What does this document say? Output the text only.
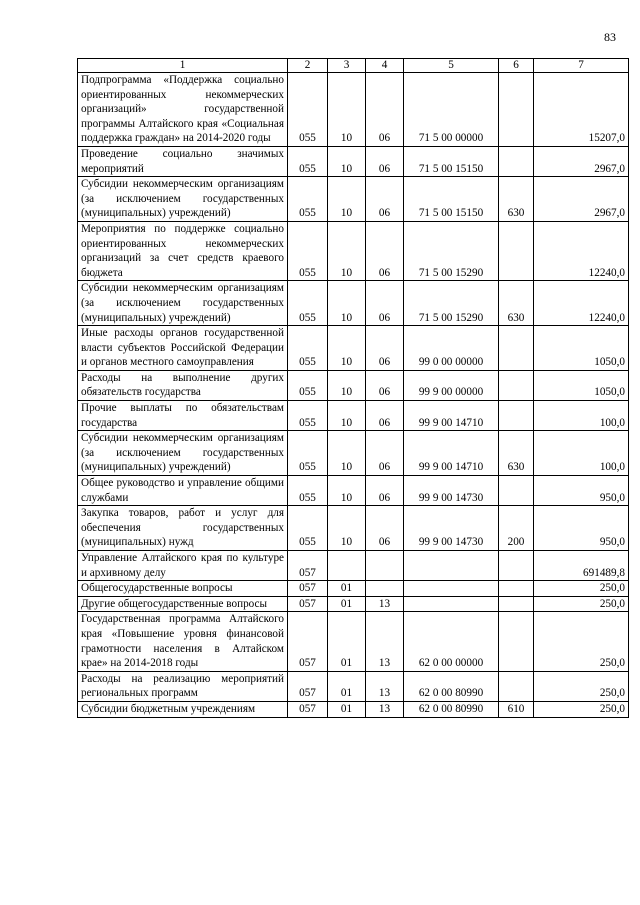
83
1	2	3	4	5	6	7
Подпрограмма «Поддержка социально ориентированных некоммерческих организаций» государственной программы Алтайского края «Социальная поддержка граждан» на 2014-2020 годы	055	10	06	71 5 00 00000		15207,0
Проведение социально значимых мероприятий	055	10	06	71 5 00 15150		2967,0
Субсидии некоммерческим организациям (за исключением государственных (муниципальных) учреждений)	055	10	06	71 5 00 15150	630	2967,0
Мероприятия по поддержке социально ориентированных некоммерческих организаций за счет средств краевого бюджета	055	10	06	71 5 00 15290		12240,0
Субсидии некоммерческим организациям (за исключением государственных (муниципальных) учреждений)	055	10	06	71 5 00 15290	630	12240,0
Иные расходы органов государственной власти субъектов Российской Федерации и органов местного самоуправления	055	10	06	99 0 00 00000		1050,0
Расходы на выполнение других обязательств государства	055	10	06	99 9 00 00000		1050,0
Прочие выплаты по обязательствам государства	055	10	06	99 9 00 14710		100,0
Субсидии некоммерческим организациям (за исключением государственных (муниципальных) учреждений)	055	10	06	99 9 00 14710	630	100,0
Общее руководство и управление общими службами	055	10	06	99 9 00 14730		950,0
Закупка товаров, работ и услуг для обеспечения государственных (муниципальных) нужд	055	10	06	99 9 00 14730	200	950,0
Управление Алтайского края по культуре и архивному делу	057					691489,8
Общегосударственные вопросы	057	01				250,0
Другие общегосударственные вопросы	057	01	13			250,0
Государственная программа Алтайского края «Повышение уровня финансовой грамотности населения в Алтайском крае» на 2014-2018 годы	057	01	13	62 0 00 00000		250,0
Расходы на реализацию мероприятий региональных программ	057	01	13	62 0 00 80990		250,0
Субсидии бюджетным учреждениям	057	01	13	62 0 00 80990	610	250,0
